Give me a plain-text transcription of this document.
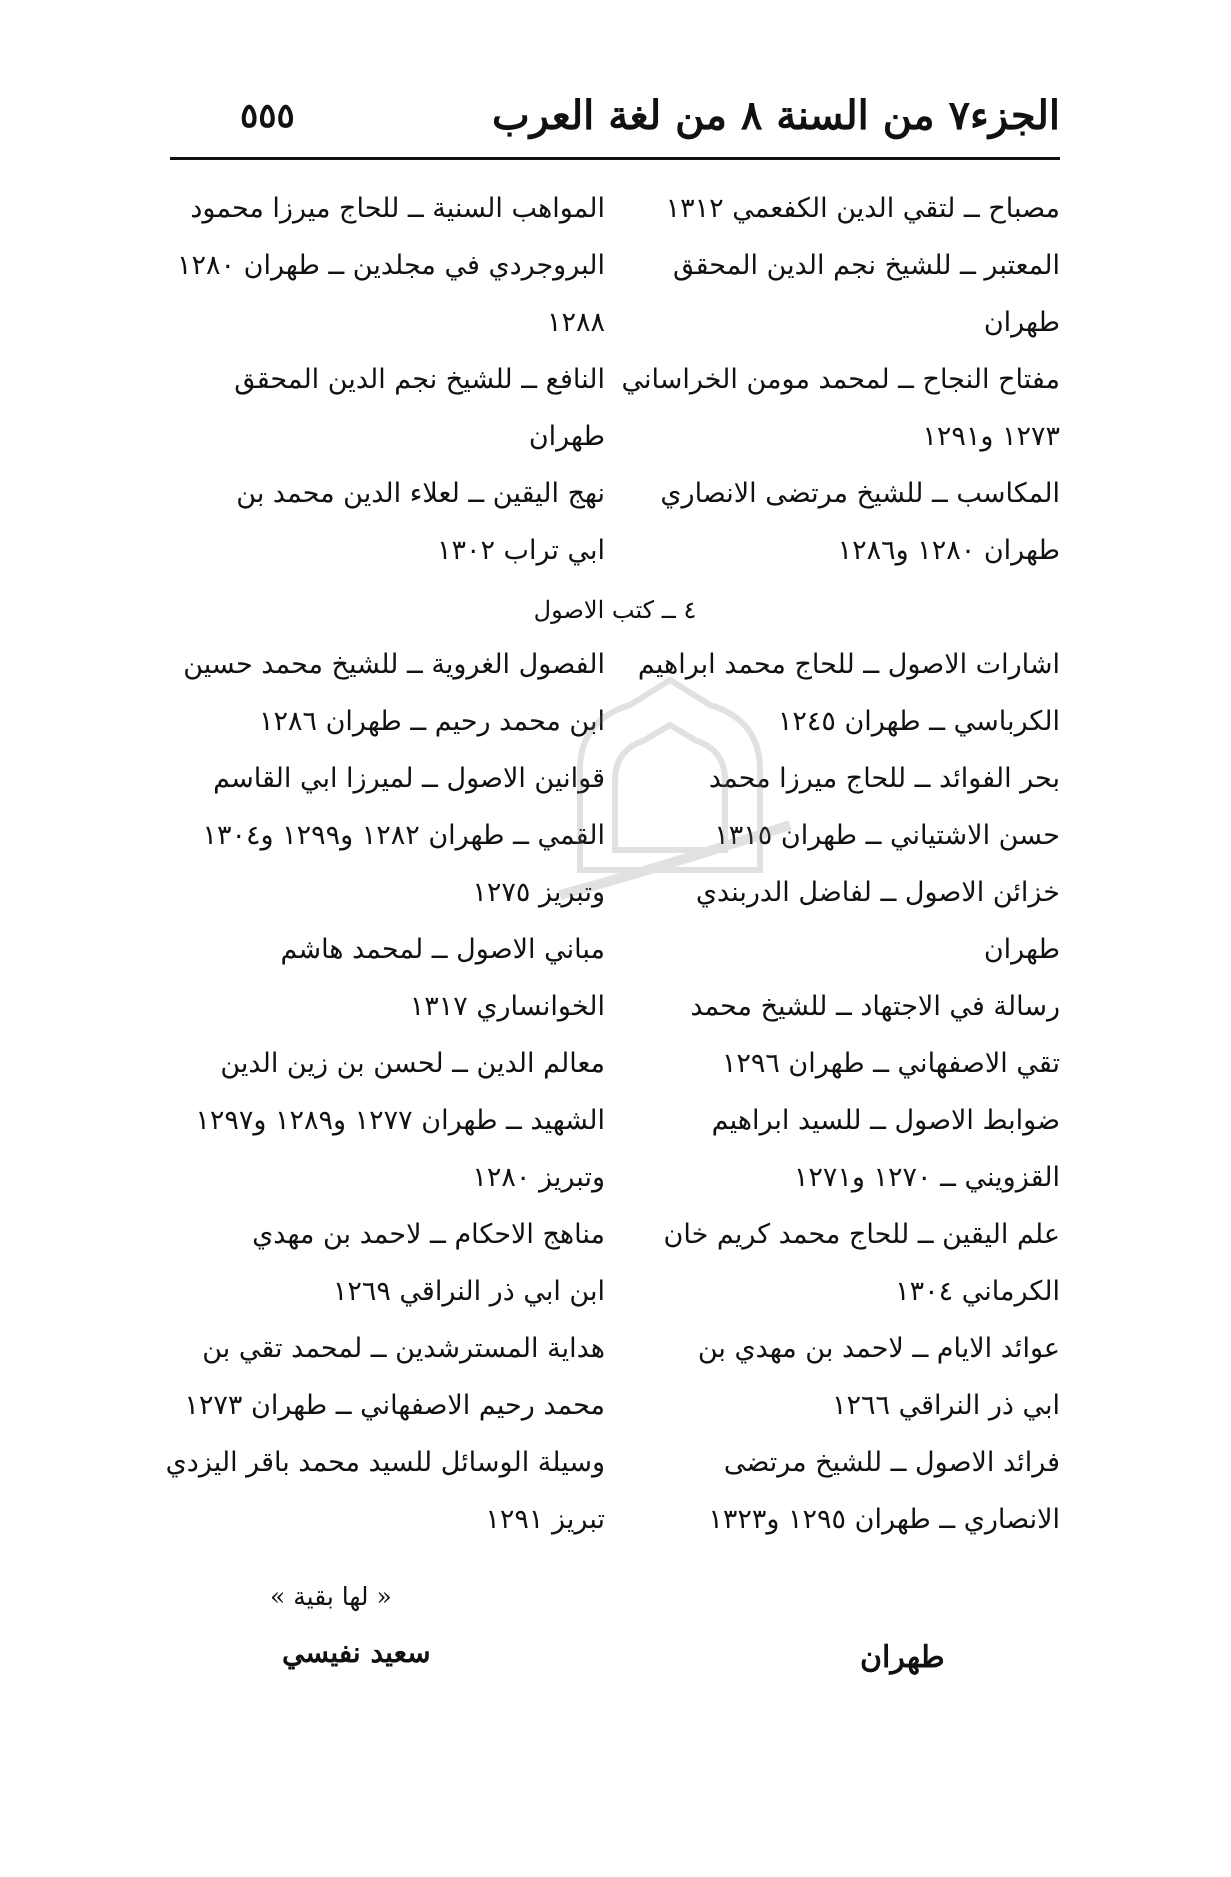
الجزء٧ من السنة ٨ من لغة العرب
٥٥٥
مصباح ــ لتقي الدين الكفعمي ١٣١٢
المعتبر ــ للشيخ نجم الدين المحقق
طهران
مفتاح النجاح ــ لمحمد مومن الخراساني
١٢٧٣ و١٢٩١
المكاسب ــ للشيخ مرتضى الانصاري
طهران ١٢٨٠ و١٢٨٦
اشارات الاصول ــ للحاج محمد ابراهيم
الكرباسي ــ طهران ١٢٤٥
بحر الفوائد ــ للحاج ميرزا محمد
حسن الاشتياني ــ طهران ١٣١٥
خزائن الاصول ــ لفاضل الدربندي
طهران
رسالة في الاجتهاد ــ للشيخ محمد
تقي الاصفهاني ــ طهران ١٢٩٦
ضوابط الاصول ــ للسيد ابراهيم
القزويني ــ ١٢٧٠ و١٢٧١
علم اليقين ــ للحاج محمد كريم خان
الكرماني ١٣٠٤
عوائد الايام ــ لاحمد بن مهدي بن
ابي ذر النراقي ١٢٦٦
فرائد الاصول ــ للشيخ مرتضى
الانصاري ــ طهران ١٢٩٥ و١٣٢٣
المواهب السنية ــ للحاج ميرزا محمود
البروجردي في مجلدين ــ طهران ١٢٨٠
١٢٨٨
النافع ــ للشيخ نجم الدين المحقق
طهران
نهج اليقين ــ لعلاء الدين محمد بن
ابي تراب ١٣٠٢
الفصول الغروية ــ للشيخ محمد حسين
ابن محمد رحيم ــ طهران ١٢٨٦
قوانين الاصول ــ لميرزا ابي القاسم
القمي ــ طهران ١٢٨٢ و١٢٩٩ و١٣٠٤
وتبريز ١٢٧٥
مباني الاصول ــ لمحمد هاشم
الخوانساري ١٣١٧
معالم الدين ــ لحسن بن زين الدين
الشهيد ــ طهران ١٢٧٧ و١٢٨٩ و١٢٩٧
وتبريز ١٢٨٠
مناهج الاحكام ــ لاحمد بن مهدي
ابن ابي ذر النراقي ١٢٦٩
هداية المسترشدين ــ لمحمد تقي بن
محمد رحيم الاصفهاني ــ طهران ١٢٧٣
وسيلة الوسائل للسيد محمد باقر اليزدي
تبريز ١٢٩١
٤ ــ كتب الاصول
« لها بقية »
طهران
سعيد نفيسي
